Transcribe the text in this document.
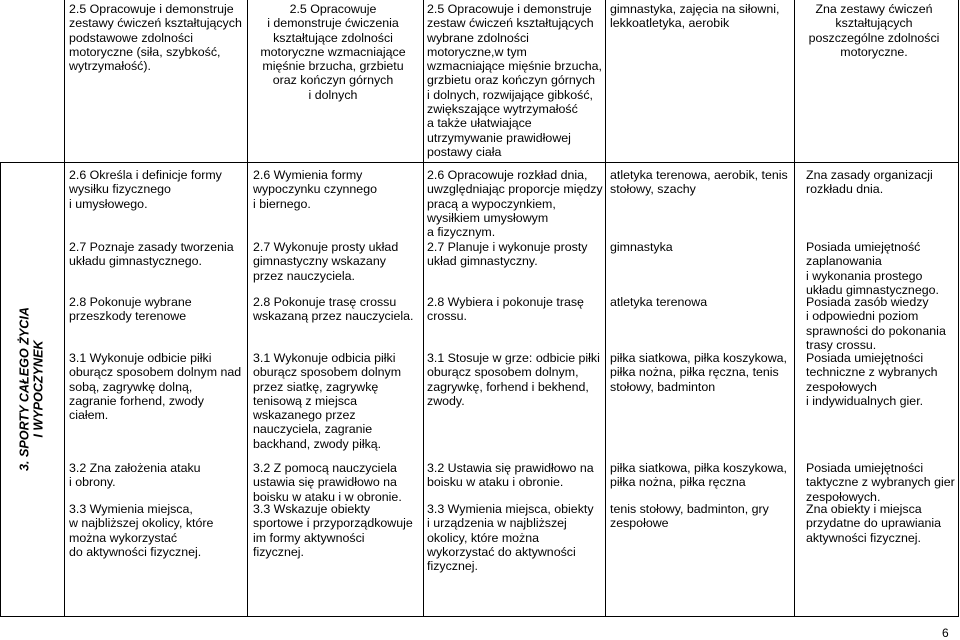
3. SPORTY CAŁEGO ŻYCIA I WYPOCZYNEK

2.5 Opracowuje i demonstruje

zestawy ćwiczeń kształtujących

podstawowe zdolności

motoryczne (siła, szybkość,

wytrzymałość).

2.5 Opracowuje

i demonstruje ćwiczenia

kształtujące zdolności

motoryczne wzmacniające

mięśnie brzucha, grzbietu

oraz kończyn górnych

i dolnych

2.5 Opracowuje i demonstruje

zestaw ćwiczeń kształtujących

wybrane zdolności

motoryczne,w tym

wzmacniające mięśnie brzucha,

grzbietu oraz kończyn górnych

i dolnych, rozwijające gibkość,

zwiększające wytrzymałość

a także ułatwiające

utrzymywanie prawidłowej

postawy ciała

gimnastyka, zajęcia na siłowni,

lekkoatletyka, aerobik

Zna zestawy ćwiczeń

kształtujących

poszczególne zdolności

motoryczne.

2.6 Określa i definicje formy

wysiłku fizycznego

i umysłowego.

2.7 Poznaje zasady tworzenia

układu gimnastycznego.

2.8 Pokonuje wybrane

przeszkody terenowe

3.1 Wykonuje odbicie piłki

oburącz sposobem dolnym nad

sobą, zagrywkę dolną,

zagranie forhend, zwody

ciałem.

3.2 Zna założenia ataku

i obrony.

3.3 Wymienia miejsca,

w najbliższej okolicy, które

można wykorzystać

do aktywności fizycznej.

2.6 Wymienia formy

wypoczynku czynnego

i biernego.

2.7 Wykonuje prosty układ

gimnastyczny wskazany

przez nauczyciela.

2.8 Pokonuje trasę crossu

wskazaną przez nauczyciela.

3.1 Wykonuje odbicia piłki

oburącz sposobem dolnym

przez siatkę, zagrywkę

tenisową z miejsca

wskazanego przez

nauczyciela, zagranie

backhand, zwody piłką.

3.2 Z pomocą nauczyciela

ustawia się prawidłowo na

boisku w ataku i w obronie.

3.3 Wskazuje obiekty

sportowe i przyporządkowuje

im formy aktywności

fizycznej.

2.6 Opracowuje rozkład dnia,

uwzględniając proporcje między

pracą a wypoczynkiem,

wysiłkiem umysłowym

a fizycznym.

2.7 Planuje i wykonuje prosty

układ gimnastyczny.

2.8 Wybiera i pokonuje trasę

crossu.

3.1 Stosuje w grze: odbicie piłki

oburącz sposobem dolnym,

zagrywkę, forhend i bekhend,

zwody.

3.2 Ustawia się prawidłowo na

boisku w ataku i obronie.

3.3 Wymienia miejsca, obiekty

i urządzenia w najbliższej

okolicy, które można

wykorzystać do aktywności

fizycznej.

atletyka terenowa, aerobik, tenis

stołowy, szachy

gimnastyka

atletyka terenowa

piłka siatkowa, piłka koszykowa,

piłka nożna, piłka ręczna, tenis

stołowy, badminton

piłka siatkowa, piłka koszykowa,

piłka nożna, piłka ręczna

tenis stołowy, badminton, gry

zespołowe

Zna zasady organizacji

rozkładu dnia.

Posiada umiejętność

zaplanowania

i wykonania prostego

układu gimnastycznego.

Posiada zasób wiedzy

i odpowiedni poziom

sprawności do pokonania

trasy crossu.

Posiada umiejętności

techniczne z wybranych

zespołowych

i indywidualnych gier.

Posiada umiejętności

taktyczne z wybranych gier

zespołowych.

Zna obiekty i miejsca

przydatne do uprawiania

aktywności fizycznej.

6
